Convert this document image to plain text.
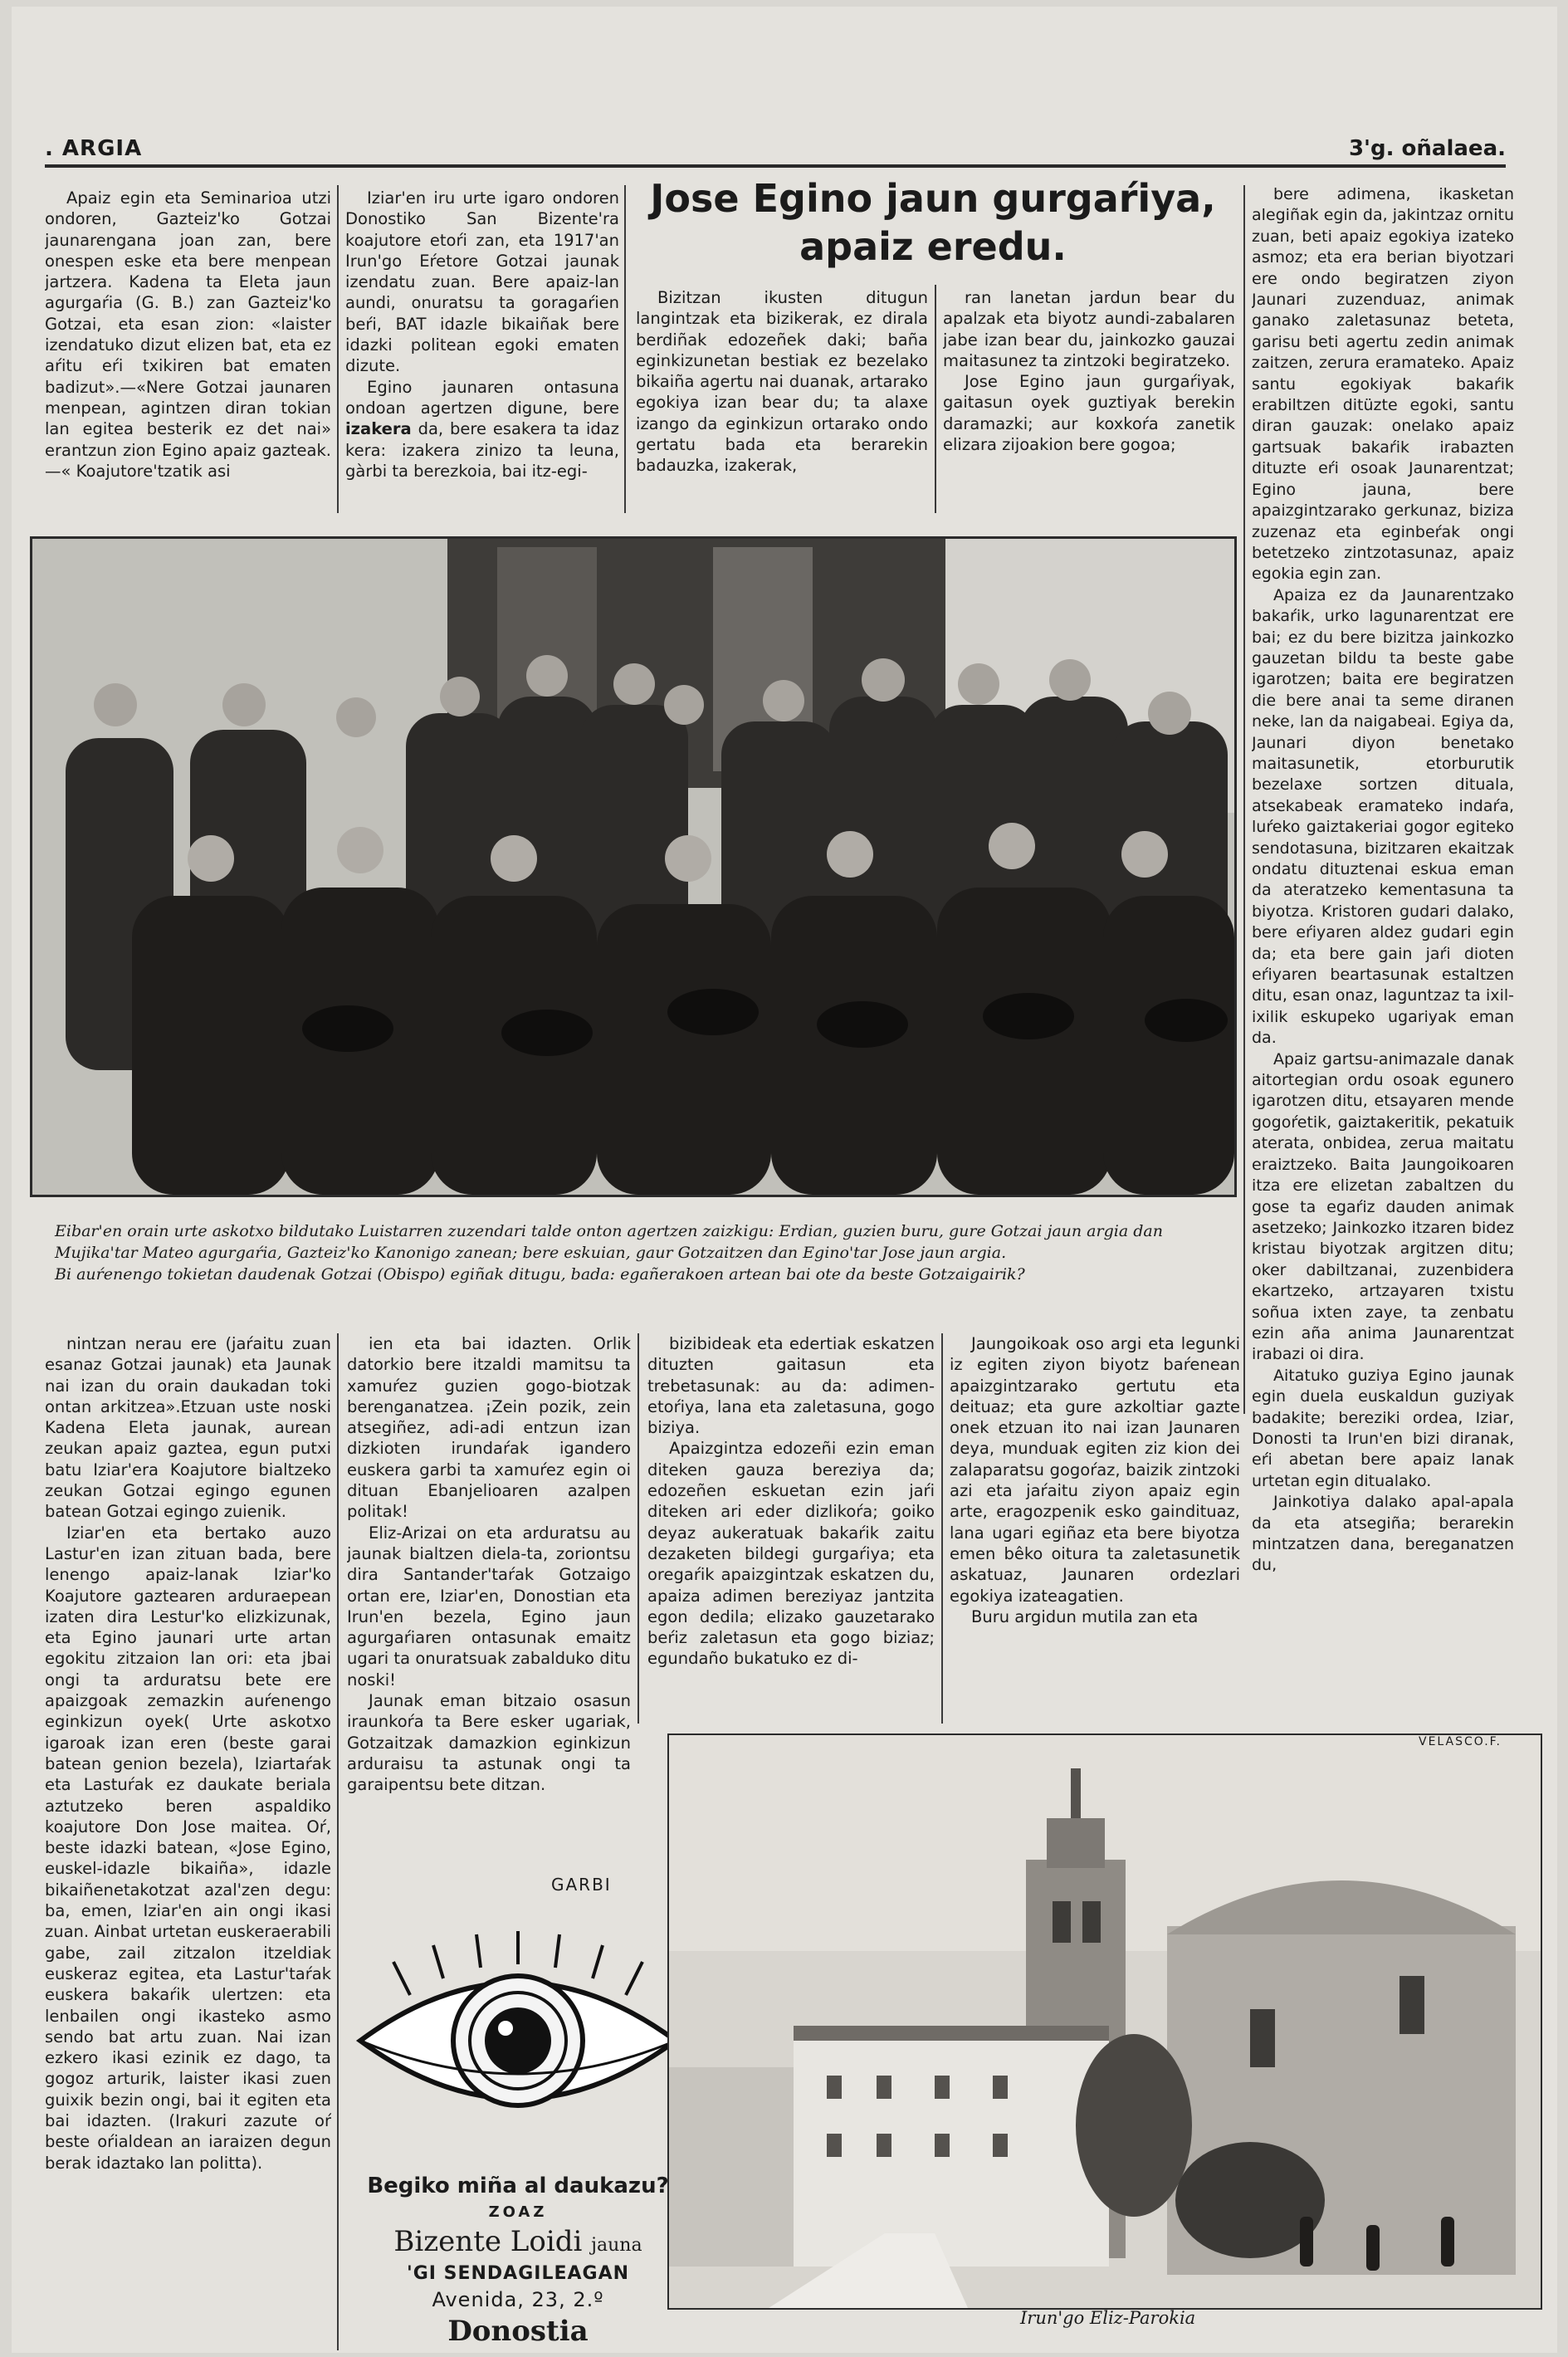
. ARGIA	3'g. oñalaea.

Apaiz egin eta Seminarioa utzi ondoren, Gazteiz'ko Gotzai jaunarengana joan zan, bere onespen eske eta bere menpean jartzera. Kadena ta Eleta jaun agurgaŕia (G. B.) zan Gazteiz'ko Gotzai, eta esan zion: «laister izendatuko dizut elizen bat, eta ez aŕitu eŕi txikiren bat ematen badizut».—«Nere Gotzai jaunaren menpean, agintzen diran tokian lan egitea besterik ez det nai» erantzun zion Egino apaiz gazteak.—« Koajutore'tzatik asi

Iziar'en iru urte igaro ondoren Donostiko San Bizente'ra koajutore etoŕi zan, eta 1917'an Irun'go Eŕetore Gotzai jaunak izendatu zuan. Bere apaiz-lan aundi, onuratsu ta goragaŕien beŕi, BAT idazle bikaiñak bere idazki politean egoki ematen dizute.

Egino jaunaren ontasuna ondoan agertzen digune, bere izakera da, bere esakera ta idaz kera: izakera zinizo ta leuna, gàrbi ta berezkoia, bai itz-egi-

Jose Egino jaun gurgaŕiya,
apaiz eredu.

Bizitzan ikusten ditugun langintzak eta bizikerak, ez dirala berdiñak edozeñek daki; baña eginkizunetan bestiak ez bezelako bikaiña agertu nai duanak, artarako egokiya izan bear du; ta alaxe izango da eginkizun ortarako ondo gertatu bada eta berarekin badauzka, izakerak,

ran lanetan jardun bear du apalzak eta biyotz aundi-zabalaren jabe izan bear du, jainkozko gauzai maitasunez ta zintzoki begiratzeko.

Jose Egino jaun gurgaŕiyak, gaitasun oyek guztiyak berekin daramazki; aur koxkoŕa zanetik elizara zijoakion bere gogoa;

bere adimena, ikasketan alegiñak egin da, jakintzaz ornitu zuan, beti apaiz egokiya izateko asmoz; eta era berian biyotzari ere ondo begiratzen ziyon Jaunari zuzenduaz, animak ganako zaletasunaz beteta, garisu beti agertu zedin animak zaitzen, zerura eramateko. Apaiz santu egokiyak bakaŕik erabiltzen ditüzte egoki, santu diran gauzak: onelako apaiz gartsuak bakaŕik irabazten dituzte eŕi osoak Jaunarentzat; Egino jauna, bere apaizgintzarako gerkunaz, biziza zuzenaz eta eginbeŕak ongi betetzeko zintzotasunaz, apaiz egokia egin zan.

Apaiza ez da Jaunarentzako bakaŕik, urko lagunarentzat ere bai; ez du bere bizitza jainkozko gauzetan bildu ta beste gabe igarotzen; baita ere begiratzen die bere anai ta seme diranen neke, lan da naigabeai. Egiya da, Jaunari diyon benetako maitasunetik, etorburutik bezelaxe sortzen dituala, atsekabeak eramateko indaŕa, luŕeko gaiztakeriai gogor egiteko sendotasuna, bizitzaren ekaitzak ondatu dituztenai eskua eman da ateratzeko kementasuna ta biyotza. Kristoren gudari dalako, bere eŕiyaren aldez gudari egin da; eta bere gain jaŕi dioten eŕiyaren beartasunak estaltzen ditu, esan onaz, laguntzaz ta ixil-ixilik eskupeko ugariyak eman da.

Apaiz gartsu-animazale danak aitortegian ordu osoak egunero igarotzen ditu, etsayaren mende gogoŕetik, gaiztakeritik, pekatuik aterata, onbidea, zerua maitatu eraiztzeko. Baita Jaungoikoaren itza ere elizetan zabaltzen du gose ta egaŕiz dauden animak asetzeko; Jainkozko itzaren bidez kristau biyotzak argitzen ditu; oker dabiltzanai, zuzenbidera ekartzeko, artzayaren txistu soñua ixten zaye, ta zenbatu ezin aña anima Jaunarentzat irabazi oi dira.

Aitatuko guziya Egino jaunak egin duela euskaldun guziyak badakite; bereziki ordea, Iziar, Donosti ta Irun'en bizi diranak, eŕi abetan bere apaiz lanak urtetan egin ditualako.

Jainkotiya dalako apal-apala da eta atsegiña; berarekin mintzatzen dana, bereganatzen du,

Eibar'en orain urte askotxo bildutako Luistarren zuzendari talde onton agertzen zaizkigu: Erdian, guzien buru, gure Gotzai jaun argia dan
Mujika'tar Mateo agurgaŕia, Gazteiz'ko Kanonigo zanean; bere eskuian, gaur Gotzaitzen dan Egino'tar Jose jaun argia.
Bi auŕenengo tokietan daudenak Gotzai (Obispo) egiñak ditugu, bada: egañerakoen artean bai ote da beste Gotzaigairik?

nintzan nerau ere (jaŕaitu zuan esanaz Gotzai jaunak) eta Jaunak nai izan du orain daukadan toki ontan arkitzea».Etzuan uste noski Kadena Eleta jaunak, aurean zeukan apaiz gaztea, egun putxi batu Iziar'era Koajutore bialtzeko zeukan Gotzai egingo egunen batean Gotzai egingo zuienik.

Iziar'en eta bertako auzo Lastur'en izan zituan bada, bere lenengo apaiz-lanak Iziar'ko Koajutore gaztearen arduraepean izaten dira Lestur'ko elizkizunak, eta Egino jaunari urte artan egokitu zitzaion lan ori: eta jbai ongi ta arduratsu bete ere apaizgoak zemazkin auŕenengo eginkizun oyek( Urte askotxo igaroak izan eren (beste garai batean genion bezela), Iziartaŕak eta Lastuŕak ez daukate beriala aztutzeko beren aspaldiko koajutore Don Jose maitea. Oŕ, beste idazki batean, «Jose Egino, euskel-idazle bikaiña», idazle bikaiñenetakotzat azal'zen degu: ba, emen, Iziar'en ain ongi ikasi zuan. Ainbat urtetan euskeraerabili gabe, zail zitzalon itzeldiak euskeraz egitea, eta Lastur'taŕak euskera bakaŕik ulertzen: eta lenbailen ongi ikasteko asmo sendo bat artu zuan. Nai izan ezkero ikasi ezinik ez dago, ta gogoz arturik, laister ikasi zuen guixik bezin ongi, bai it egiten eta bai idazten. (Irakuri zazute oŕ beste oŕialdean an iaraizen degun berak idaztako lan politta).

ien eta bai idazten. Orlik datorkio bere itzaldi mamitsu ta xamuŕez guzien gogo-biotzak berenganatzea. ¡Zein pozik, zein atsegiñez, adi-adi entzun izan dizkioten irundaŕak igandero euskera garbi ta xamuŕez egin oi dituan Ebanjelioaren azalpen politak!

Eliz-Arizai on eta arduratsu au jaunak bialtzen diela-ta, zoriontsu dira Santander'taŕak Gotzaigo ortan ere, Iziar'en, Donostian eta Irun'en bezela, Egino jaun agurgaŕiaren ontasunak emaitz ugari ta onuratsuak zabalduko ditu noski!

Jaunak eman bitzaio osasun iraunkoŕa ta Bere esker ugariak, Gotzaitzak damazkion eginkizun arduraisu ta astunak ongi ta garaipentsu bete ditzan.

GARBI

bizibideak eta edertiak eskatzen dituzten gaitasun eta trebetasunak: au da: adimen-etoŕiya, lana eta zaletasuna, gogo biziya.

Apaizgintza edozeñi ezin eman diteken gauza bereziya da; edozeñen eskuetan ezin jaŕi diteken ari eder dizlikoŕa; goiko deyaz aukeratuak bakaŕik zaitu dezaketen bildegi gurgaŕiya; eta oregaŕik apaizgintzak eskatzen du, apaiza adimen bereziyaz jantzita egon dedila; elizako gauzetarako beŕiz zaletasun eta gogo biziaz; egundaño bukatuko ez di-

Jaungoikoak oso argi eta legunki iz egiten ziyon biyotz baŕenean apaizgintzarako gertutu eta deituaz; eta gure azkoltiar gazte onek etzuan ito nai izan Jaunaren deya, munduak egiten ziz kion dei zalaparatsu gogoŕaz, baizik zintzoki azi eta jaŕaitu ziyon apaiz egin arte, eragozpenik esko gaindituaz, lana ugari egiñaz eta bere biyotza emen bêko oitura ta zaletasunetik askatuaz, Jaunaren ordezlari egokiya izateagatien.

Buru argidun mutila zan eta

Begiko miña al daukazu?
ZOAZ
Bizente Loidi jauna
'GI SENDAGILEAGAN
Avenida, 23, 2.º
Donostia
VELASCO.F.
Irun'go Eliz-Parokia
